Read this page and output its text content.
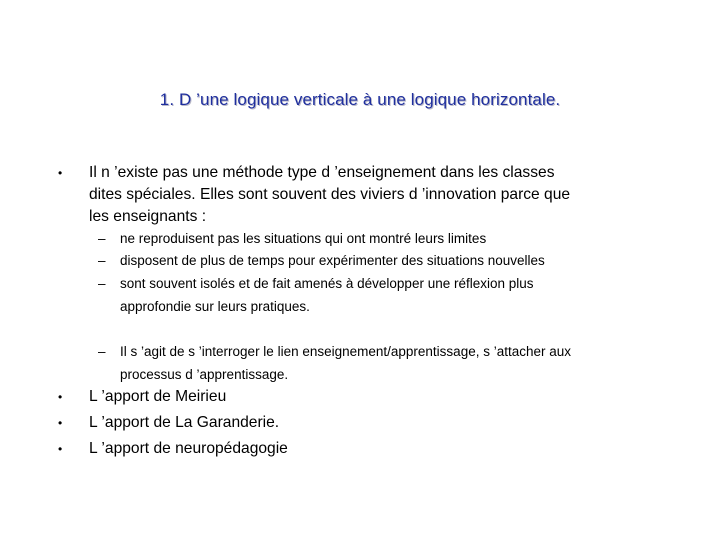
1. D ’une logique verticale à une logique horizontale.
• Il n ’existe pas une méthode type d ’enseignement dans les classes
dites spéciales. Elles sont souvent des viviers d ’innovation parce que
les enseignants :
– ne reproduisent pas les situations qui ont montré leurs limites
– disposent de plus de temps pour expérimenter des situations nouvelles
– sont souvent isolés et de fait amenés à développer une réflexion plus
approfondie sur leurs pratiques.
– Il s ’agit de s ’interroger le lien enseignement/apprentissage, s ’attacher aux
processus d ’apprentissage.
• L ’apport de Meirieu
• L ’apport de La Garanderie.
• L ’apport de neuropédagogie
